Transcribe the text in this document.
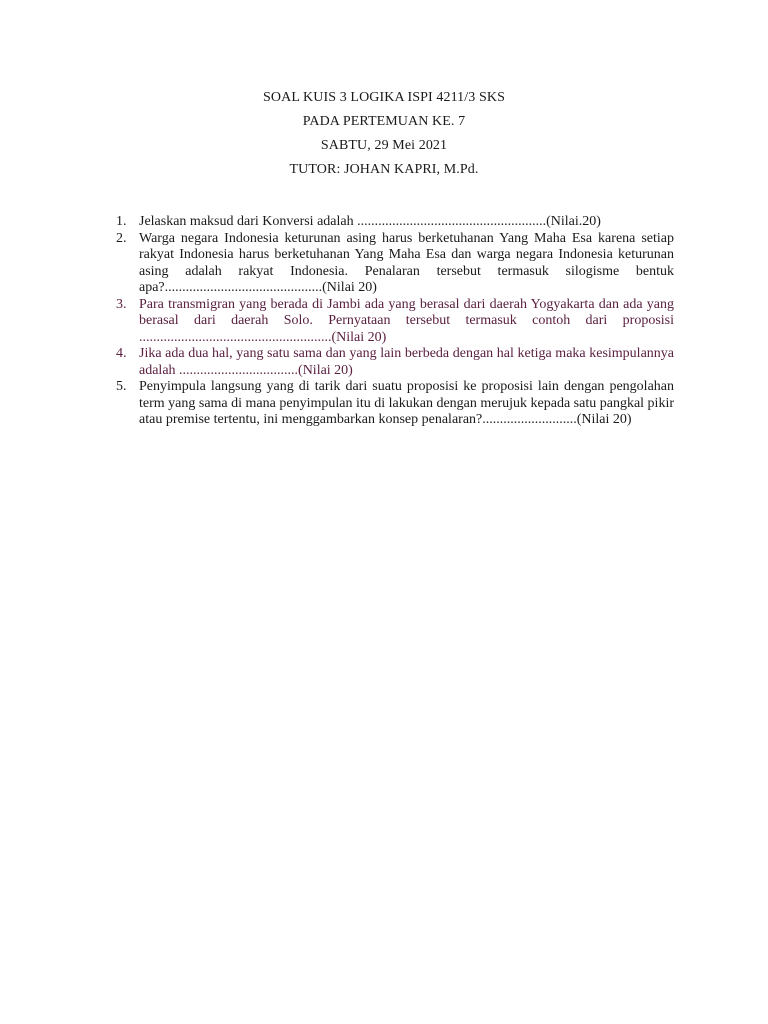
SOAL KUIS 3 LOGIKA ISPI 4211/3 SKS
PADA PERTEMUAN KE. 7
SABTU, 29 Mei 2021
TUTOR: JOHAN KAPRI, M.Pd.
1. Jelaskan maksud dari Konversi adalah ......................................................(Nilai.20)
2. Warga negara Indonesia keturunan asing harus berketuhanan Yang Maha Esa karena setiap rakyat Indonesia harus berketuhanan Yang Maha Esa dan warga negara Indonesia keturunan asing adalah rakyat Indonesia. Penalaran tersebut termasuk silogisme bentuk apa?.............................................(Nilai 20)
3. Para transmigran yang berada di Jambi ada yang berasal dari daerah Yogyakarta dan ada yang berasal dari daerah Solo. Pernyataan tersebut termasuk contoh dari proposisi .......................................................(Nilai 20)
4. Jika ada dua hal, yang satu sama dan yang lain berbeda dengan hal ketiga maka kesimpulannya adalah ..................................(Nilai 20)
5. Penyimpula langsung yang di tarik dari suatu proposisi ke proposisi lain dengan pengolahan term yang sama di mana penyimpulan itu di lakukan dengan merujuk kepada satu pangkal pikir atau premise tertentu, ini menggambarkan konsep penalaran?...........................(Nilai 20)
